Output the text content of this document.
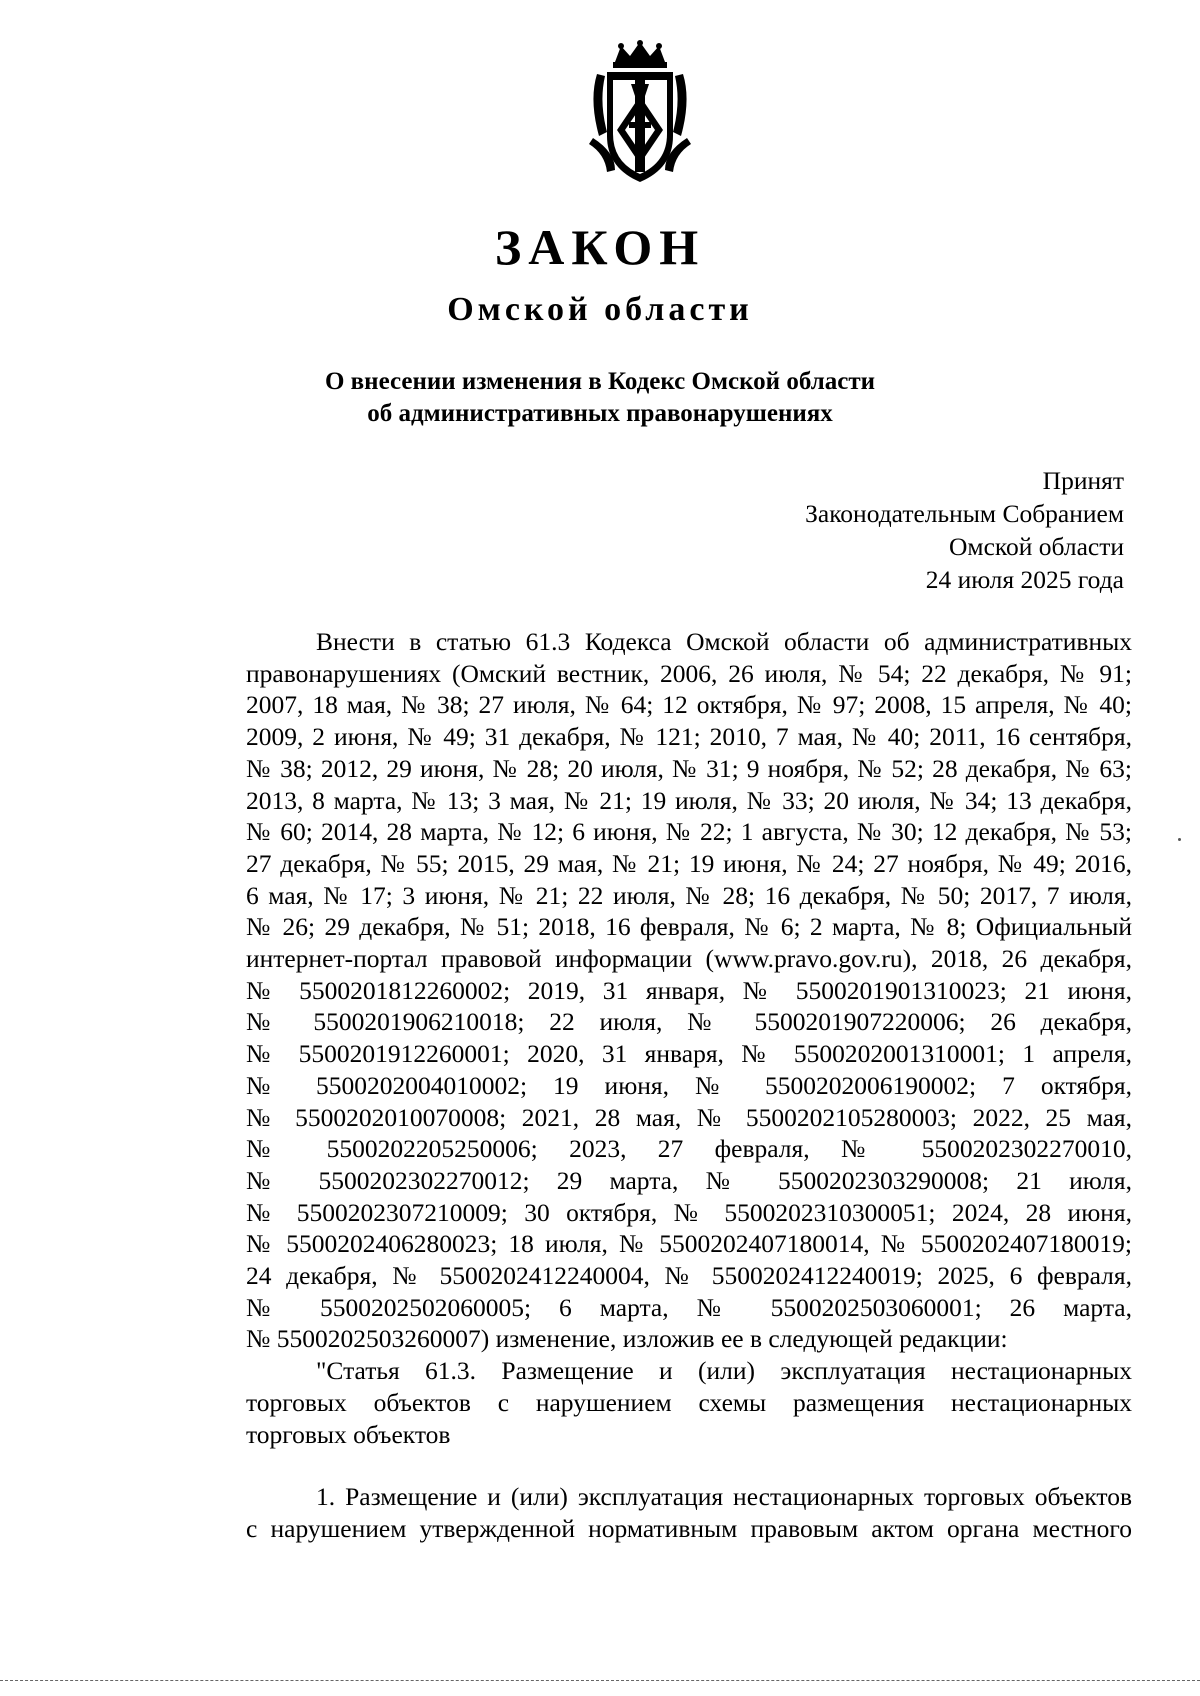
ЗАКОН
Омской области
О внесении изменения в Кодекс Омской области
об административных правонарушениях
Принят
Законодательным Собранием
Омской области
24 июля 2025 года

Внести в статью 61.3 Кодекса Омской области об административных
правонарушениях (Омский вестник, 2006, 26 июля, № 54; 22 декабря, № 91;
2007, 18 мая, № 38; 27 июля, № 64; 12 октября, № 97; 2008, 15 апреля, № 40;
2009, 2 июня, № 49; 31 декабря, № 121; 2010, 7 мая, № 40; 2011, 16 сентября,
№ 38; 2012, 29 июня, № 28; 20 июля, № 31; 9 ноября, № 52; 28 декабря, № 63;
2013, 8 марта, № 13; 3 мая, № 21; 19 июля, № 33; 20 июля, № 34; 13 декабря,
№ 60; 2014, 28 марта, № 12; 6 июня, № 22; 1 августа, № 30; 12 декабря, № 53;
27 декабря, № 55; 2015, 29 мая, № 21; 19 июня, № 24; 27 ноября, № 49; 2016,
6 мая, № 17; 3 июня, № 21; 22 июля, № 28; 16 декабря, № 50; 2017, 7 июля,
№ 26; 29 декабря, № 51; 2018, 16 февраля, № 6; 2 марта, № 8; Официальный
интернет-портал правовой информации (www.pravo.gov.ru), 2018, 26 декабря,
№ 5500201812260002; 2019, 31 января, № 5500201901310023; 21 июня,
№ 5500201906210018; 22 июля, № 5500201907220006; 26 декабря,
№ 5500201912260001; 2020, 31 января, № 5500202001310001; 1 апреля,
№ 5500202004010002; 19 июня, № 5500202006190002; 7 октября,
№ 5500202010070008; 2021, 28 мая, № 5500202105280003; 2022, 25 мая,
№ 5500202205250006; 2023, 27 февраля, № 5500202302270010,
№ 5500202302270012; 29 марта, № 5500202303290008; 21 июля,
№ 5500202307210009; 30 октября, № 5500202310300051; 2024, 28 июня,
№ 5500202406280023; 18 июля, № 5500202407180014, № 5500202407180019;
24 декабря, № 5500202412240004, № 5500202412240019; 2025, 6 февраля,
№ 5500202502060005; 6 марта, № 5500202503060001; 26 марта,
№ 5500202503260007) изменение, изложив ее в следующей редакции:

"Статья 61.3. Размещение и (или) эксплуатация нестационарных
торговых объектов с нарушением схемы размещения нестационарных
торговых объектов

1. Размещение и (или) эксплуатация нестационарных торговых объектов
с нарушением утвержденной нормативным правовым актом органа местного
